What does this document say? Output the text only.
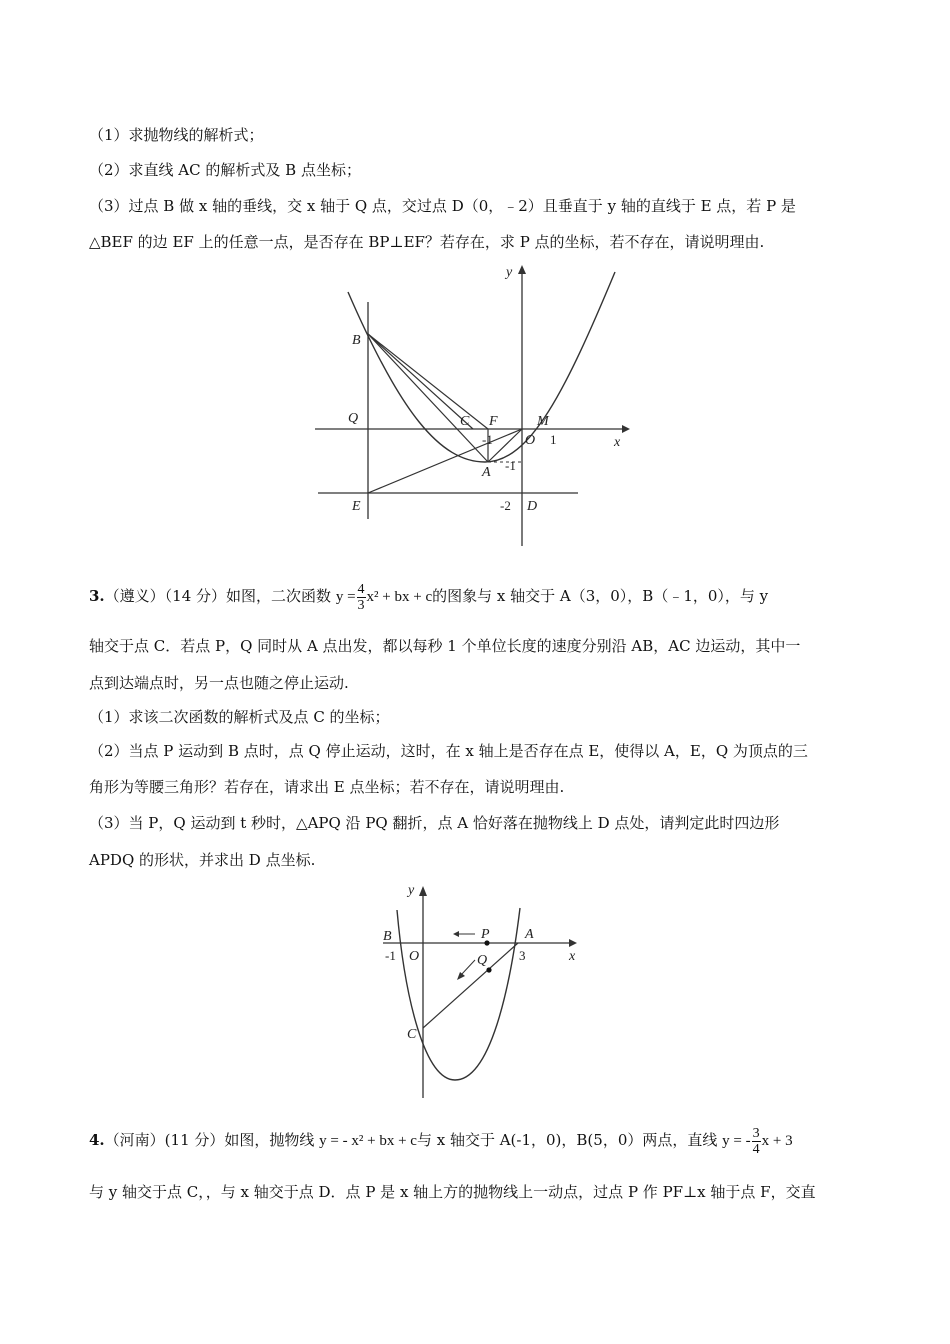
（1）求抛物线的解析式；
（2）求直线 AC 的解析式及 B 点坐标；
（3）过点 B 做 x 轴的垂线，交 x 轴于 Q 点，交过点 D（0，﹣2）且垂直于 y 轴的直线于 E 点，若 P 是
△BEF 的边 EF 上的任意一点，是否存在 BP⊥EF？若存在，求 P 点的坐标，若不存在，请说明理由.
y
x
B
Q	C F	M
O
A
E	D
-1	1
-1
-2
3.（遵义）（14 分）如图，二次函数 $y = \frac{4}{3} x^2$ + bx + c的图象与 x 轴交于 A（3，0），B（﹣1，0），与 y
轴交于点 C．若点 P，Q 同时从 A 点出发，都以每秒 1 个单位长度的速度分别沿 AB，AC 边运动，其中一
点到达端点时，另一点也随之停止运动.
（1）求该二次函数的解析式及点 C 的坐标；
（2）当点 P 运动到 B 点时，点 Q 停止运动，这时，在 x 轴上是否存在点 E，使得以 A，E，Q 为顶点的三
角形为等腰三角形？若存在，请求出 E 点坐标；若不存在，请说明理由.
（3）当 P，Q 运动到 t 秒时，△APQ 沿 PQ 翻折，点 A 恰好落在抛物线上 D 点处，请判定此时四边形
APDQ 的形状，并求出 D 点坐标.
y
x
B	P	A
Q
O
C
-1	3
4.（河南）(11 分）如图，抛物线 y = - x² + bx + c与 x 轴交于 A(-1，0)，B(5，0）两点，直线 y = - $\frac{3}{4}$ x + 3
与 y 轴交于点 C，，与 x 轴交于点 D．点 P 是 x 轴上方的抛物线上一动点，过点 P 作 PF⊥x 轴于点 F，交直
